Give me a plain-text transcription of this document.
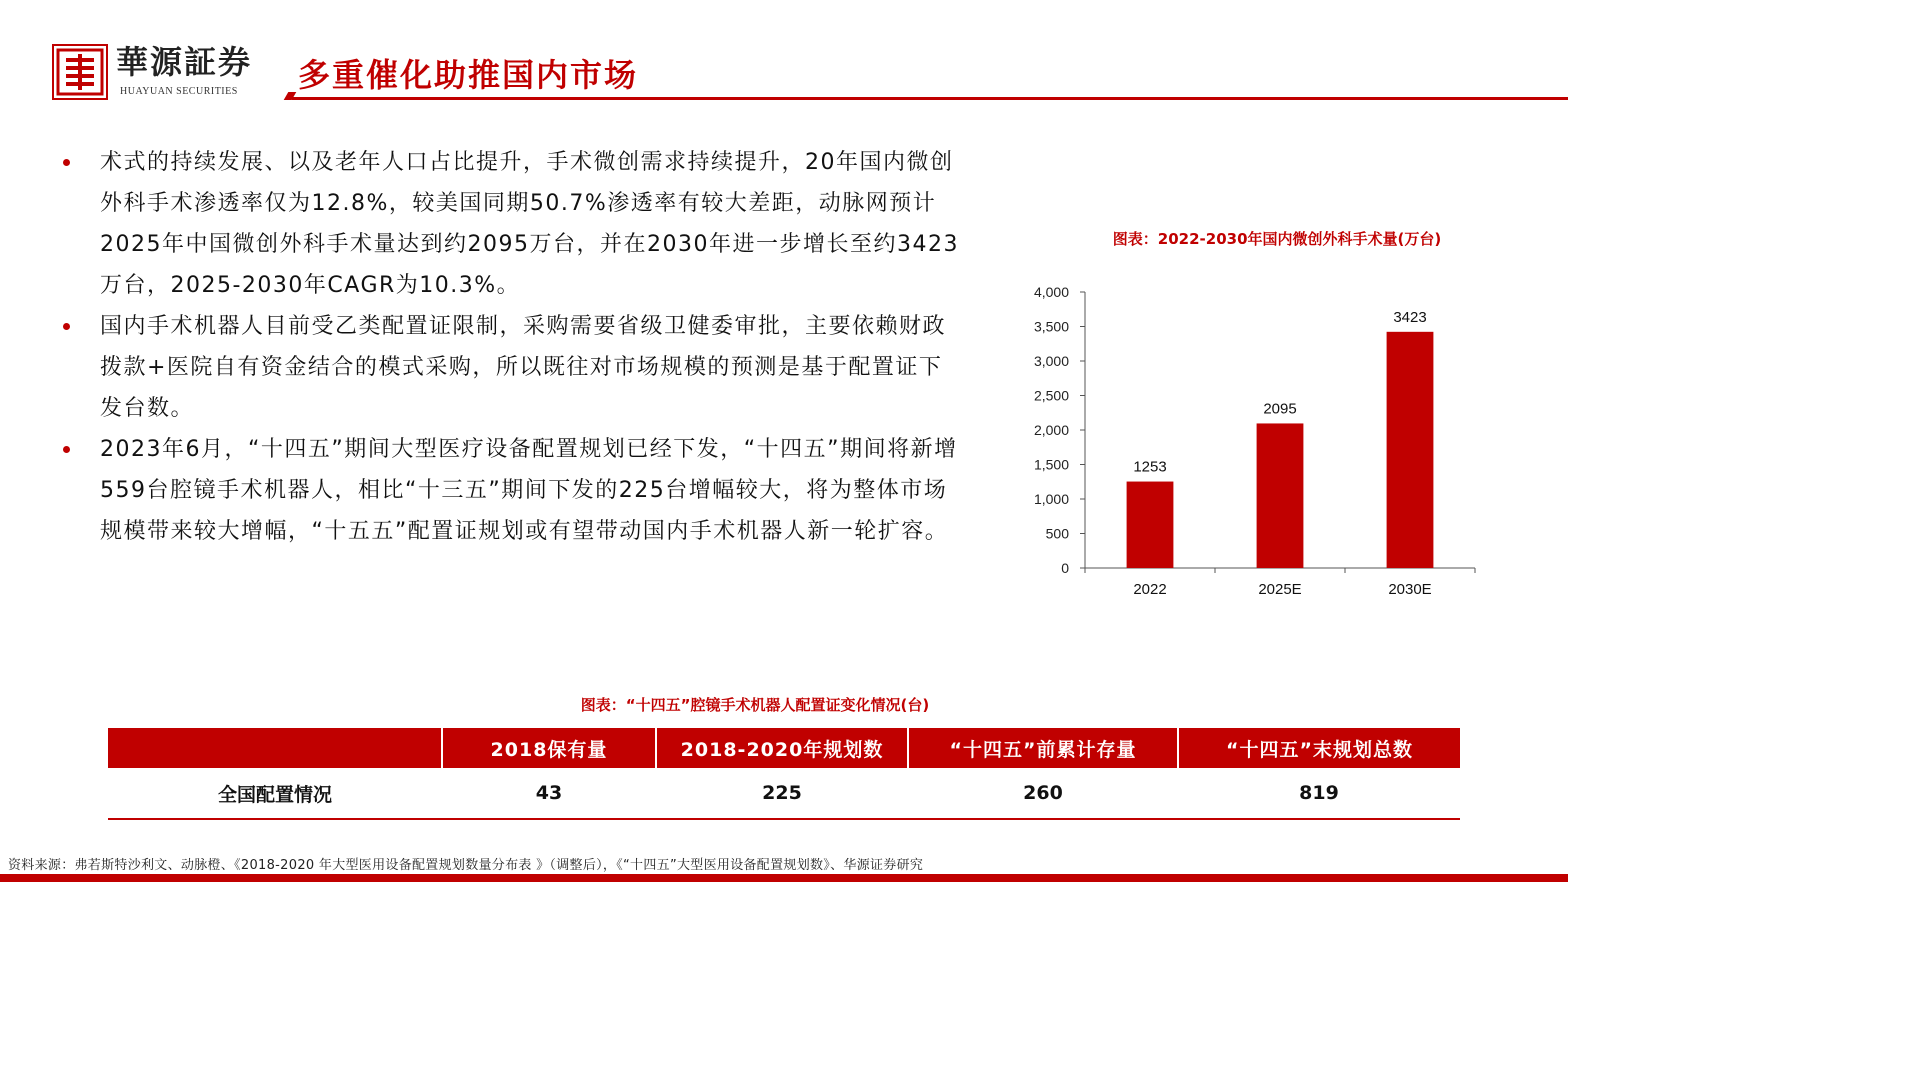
華源証券
HUAYUAN SECURITIES 多重催化助推国内市场
术式的持续发展、以及老年人口占比提升，手术微创需求持续提升，20年国内微创外科手术渗透率仅为12.8%，较美国同期50.7%渗透率有较大差距，动脉网预计2025年中国微创外科手术量达到约2095万台，并在2030年进一步增长至约3423万台，2025-2030年CAGR为10.3%。
国内手术机器人目前受乙类配置证限制，采购需要省级卫健委审批，主要依赖财政拨款+医院自有资金结合的模式采购，所以既往对市场规模的预测是基于配置证下发台数。
2023年6月，“十四五”期间大型医疗设备配置规划已经下发，“十四五”期间将新增559台腔镜手术机器人，相比“十三五”期间下发的225台增幅较大，将为整体市场规模带来较大增幅，“十五五”配置证规划或有望带动国内手术机器人新一轮扩容。
图表：2022-2030年国内微创外科手术量(万台)
0
500
1,000
1,500
2,000
2,500
3,000
3,500
4,000
1253
2022
2095
2025E
3423
2030E
图表：“十四五”腔镜手术机器人配置证变化情况(台)
	2018保有量	2018-2020年规划数	“十四五”前累计存量	“十四五”末规划总数
全国配置情况	43	225	260	819
资料来源：弗若斯特沙利文、动脉橙、《2018-2020 年大型医用设备配置规划数量分布表 》（调整后），《“十四五”大型医用设备配置规划数》、华源证券研究
